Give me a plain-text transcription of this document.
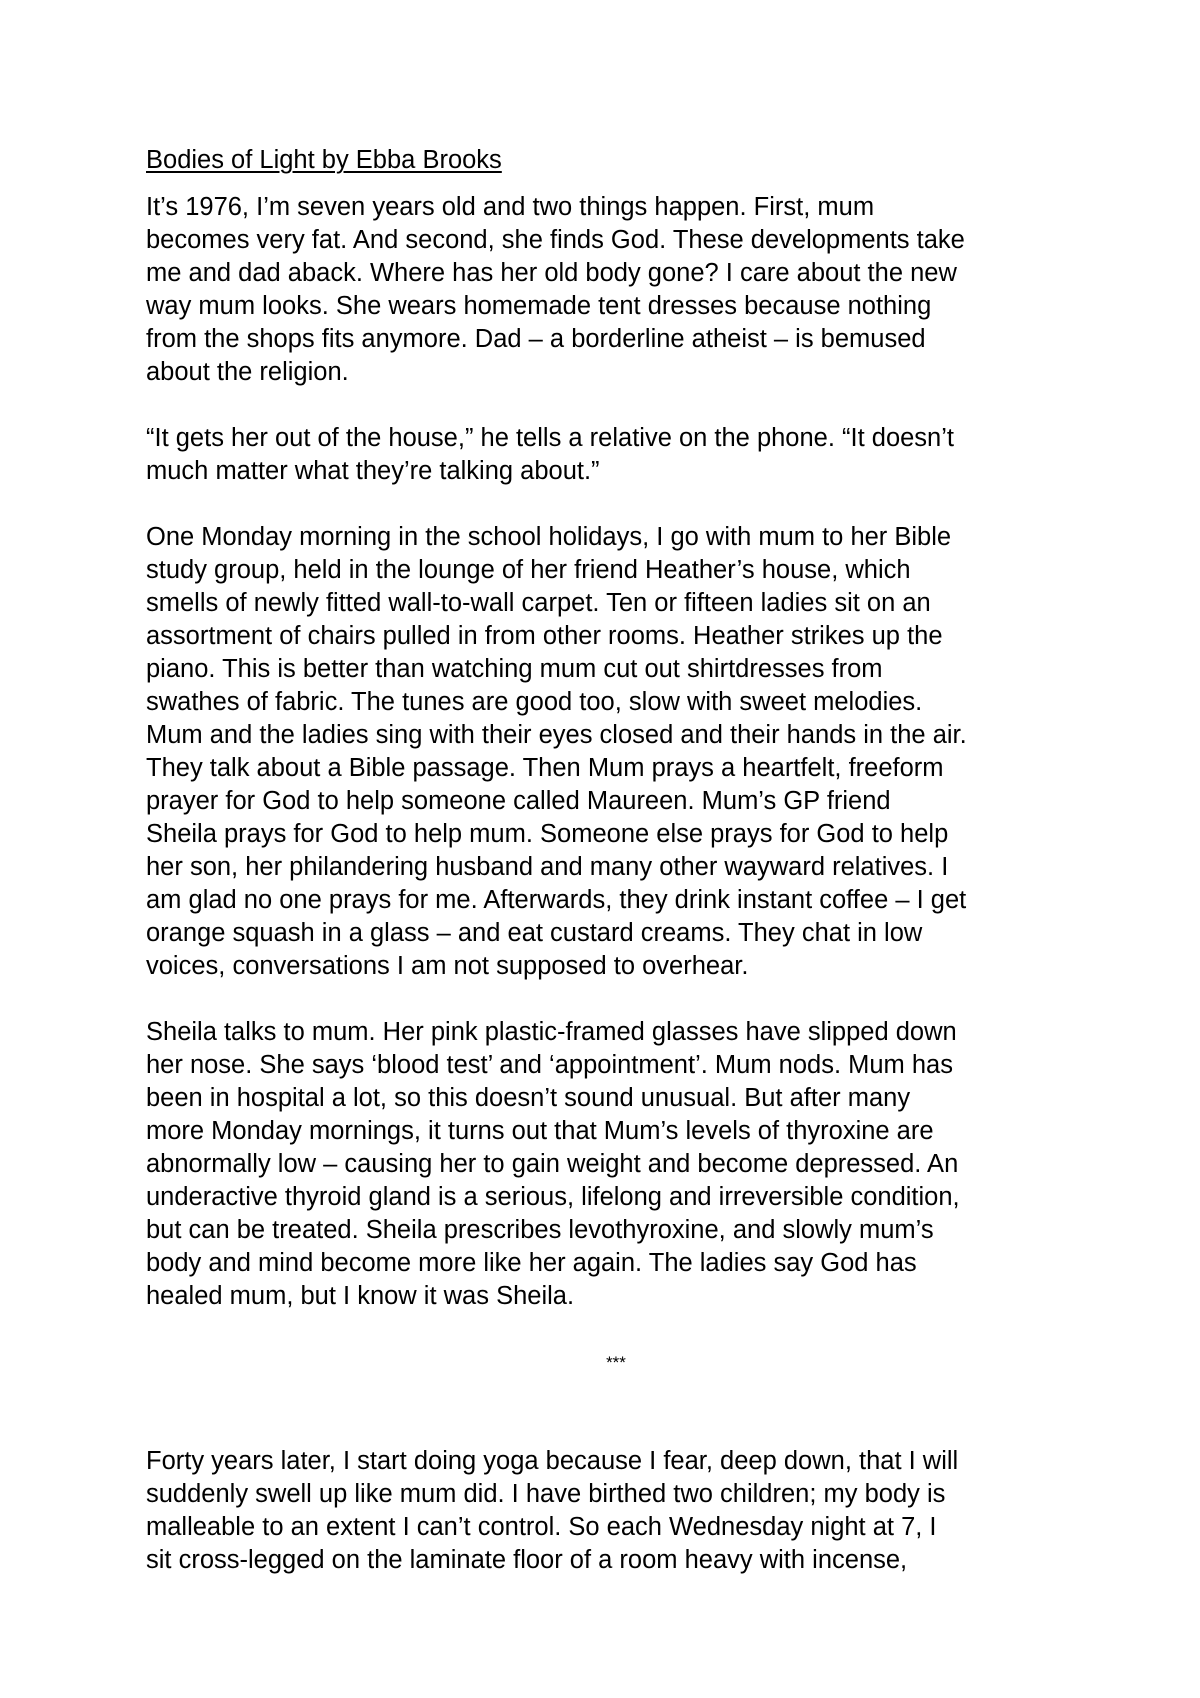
Bodies of Light by Ebba Brooks
It’s 1976, I’m seven years old and two things happen. First, mum
becomes very fat. And second, she finds God. These developments take
me and dad aback. Where has her old body gone? I care about the new
way mum looks. She wears homemade tent dresses because nothing
from the shops fits anymore. Dad – a borderline atheist – is bemused
about the religion.
“It gets her out of the house,” he tells a relative on the phone. “It doesn’t
much matter what they’re talking about.”
One Monday morning in the school holidays, I go with mum to her Bible
study group, held in the lounge of her friend Heather’s house, which
smells of newly fitted wall-to-wall carpet. Ten or fifteen ladies sit on an
assortment of chairs pulled in from other rooms. Heather strikes up the
piano. This is better than watching mum cut out shirtdresses from
swathes of fabric. The tunes are good too, slow with sweet melodies.
Mum and the ladies sing with their eyes closed and their hands in the air.
They talk about a Bible passage. Then Mum prays a heartfelt, freeform
prayer for God to help someone called Maureen. Mum’s GP friend
Sheila prays for God to help mum. Someone else prays for God to help
her son, her philandering husband and many other wayward relatives. I
am glad no one prays for me. Afterwards, they drink instant coffee – I get
orange squash in a glass – and eat custard creams. They chat in low
voices, conversations I am not supposed to overhear.
Sheila talks to mum. Her pink plastic-framed glasses have slipped down
her nose. She says ‘blood test’ and ‘appointment’. Mum nods. Mum has
been in hospital a lot, so this doesn’t sound unusual. But after many
more Monday mornings, it turns out that Mum’s levels of thyroxine are
abnormally low – causing her to gain weight and become depressed. An
underactive thyroid gland is a serious, lifelong and irreversible condition,
but can be treated. Sheila prescribes levothyroxine, and slowly mum’s
body and mind become more like her again. The ladies say God has
healed mum, but I know it was Sheila.
***
Forty years later, I start doing yoga because I fear, deep down, that I will
suddenly swell up like mum did. I have birthed two children; my body is
malleable to an extent I can’t control. So each Wednesday night at 7, I
sit cross-legged on the laminate floor of a room heavy with incense,
